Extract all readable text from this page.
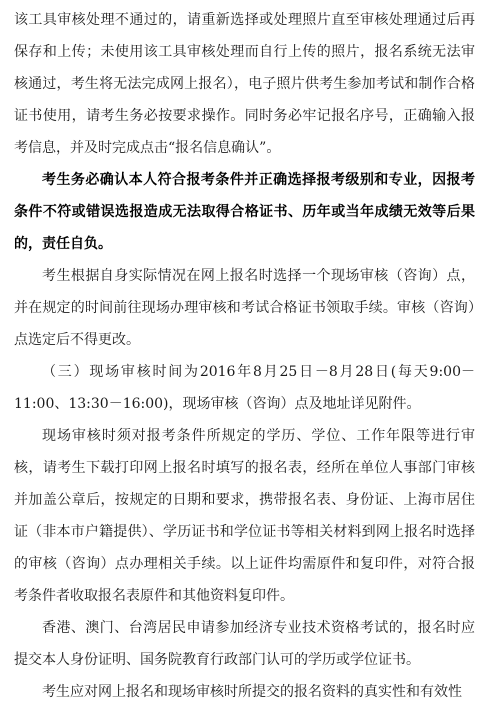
该工具审核处理不通过的，请重新选择或处理照片直至审核处理通过后再保存和上传；未使用该工具审核处理而自行上传的照片，报名系统无法审核通过，考生将无法完成网上报名），电子照片供考生参加考试和制作合格证书使用，请考生务必按要求操作。同时务必牢记报名序号，正确输入报考信息，并及时完成点击“报名信息确认”。

考生务必确认本人符合报考条件并正确选择报考级别和专业，因报考条件不符或错误选报造成无法取得合格证书、历年或当年成绩无效等后果的，责任自负。

考生根据自身实际情况在网上报名时选择一个现场审核（咨询）点，并在规定的时间前往现场办理审核和考试合格证书领取手续。审核（咨询）点选定后不得更改。

（三）现场审核时间为2016年8月25日－8月28日(每天9:00－11:00、13:30－16:00)，现场审核（咨询）点及地址详见附件。

现场审核时须对报考条件所规定的学历、学位、工作年限等进行审核，请考生下载打印网上报名时填写的报名表，经所在单位人事部门审核并加盖公章后，按规定的日期和要求，携带报名表、身份证、上海市居住证（非本市户籍提供）、学历证书和学位证书等相关材料到网上报名时选择的审核（咨询）点办理相关手续。以上证件均需原件和复印件，对符合报考条件者收取报名表原件和其他资料复印件。

香港、澳门、台湾居民申请参加经济专业技术资格考试的，报名时应提交本人身份证明、国务院教育行政部门认可的学历或学位证书。

考生应对网上报名和现场审核时所提交的报名资料的真实性和有效性
